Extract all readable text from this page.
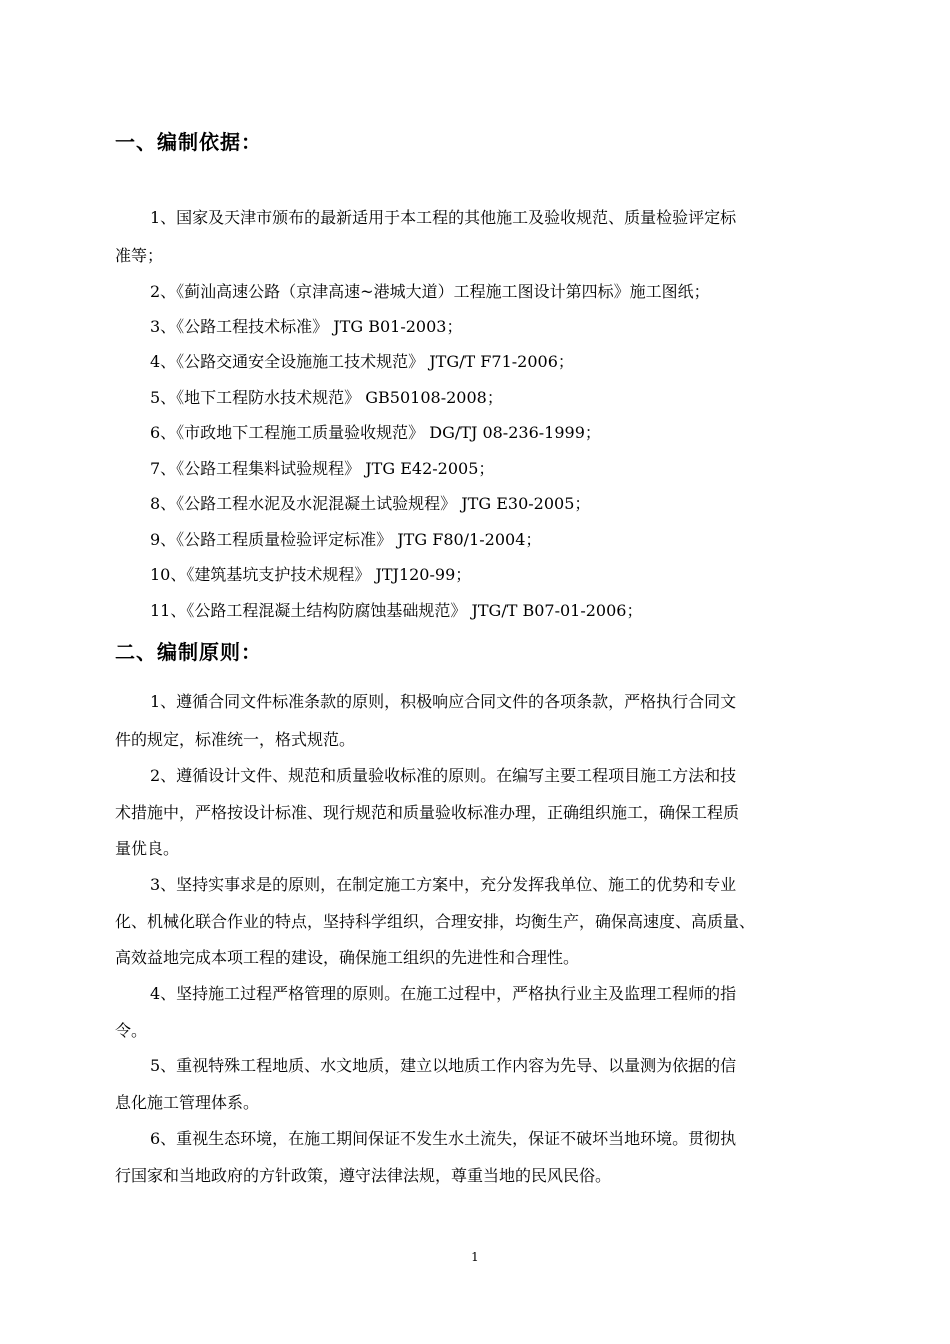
一、编制依据：
1、国家及天津市颁布的最新适用于本工程的其他施工及验收规范、质量检验评定标
准等；
2、《蓟汕高速公路（京津高速~港城大道）工程施工图设计第四标》施工图纸；
3、《公路工程技术标准》 JTG B01-2003；
4、《公路交通安全设施施工技术规范》 JTG/T F71-2006；
5、《地下工程防水技术规范》 GB50108-2008；
6、《市政地下工程施工质量验收规范》 DG/TJ 08-236-1999；
7、《公路工程集料试验规程》 JTG E42-2005；
8、《公路工程水泥及水泥混凝土试验规程》 JTG E30-2005；
9、《公路工程质量检验评定标准》 JTG F80/1-2004；
10、《建筑基坑支护技术规程》 JTJ120-99；
11、《公路工程混凝土结构防腐蚀基础规范》 JTG/T B07-01-2006；
二、编制原则：
1、遵循合同文件标准条款的原则，积极响应合同文件的各项条款，严格执行合同文
件的规定，标准统一，格式规范。
2、遵循设计文件、规范和质量验收标准的原则。在编写主要工程项目施工方法和技
术措施中，严格按设计标准、现行规范和质量验收标准办理，正确组织施工，确保工程质
量优良。
3、坚持实事求是的原则，在制定施工方案中，充分发挥我单位、施工的优势和专业
化、机械化联合作业的特点，坚持科学组织，合理安排，均衡生产，确保高速度、高质量、
高效益地完成本项工程的建设，确保施工组织的先进性和合理性。
4、坚持施工过程严格管理的原则。在施工过程中，严格执行业主及监理工程师的指
令。
5、重视特殊工程地质、水文地质，建立以地质工作内容为先导、以量测为依据的信
息化施工管理体系。
6、重视生态环境，在施工期间保证不发生水土流失，保证不破坏当地环境。贯彻执
行国家和当地政府的方针政策，遵守法律法规，尊重当地的民风民俗。
1
